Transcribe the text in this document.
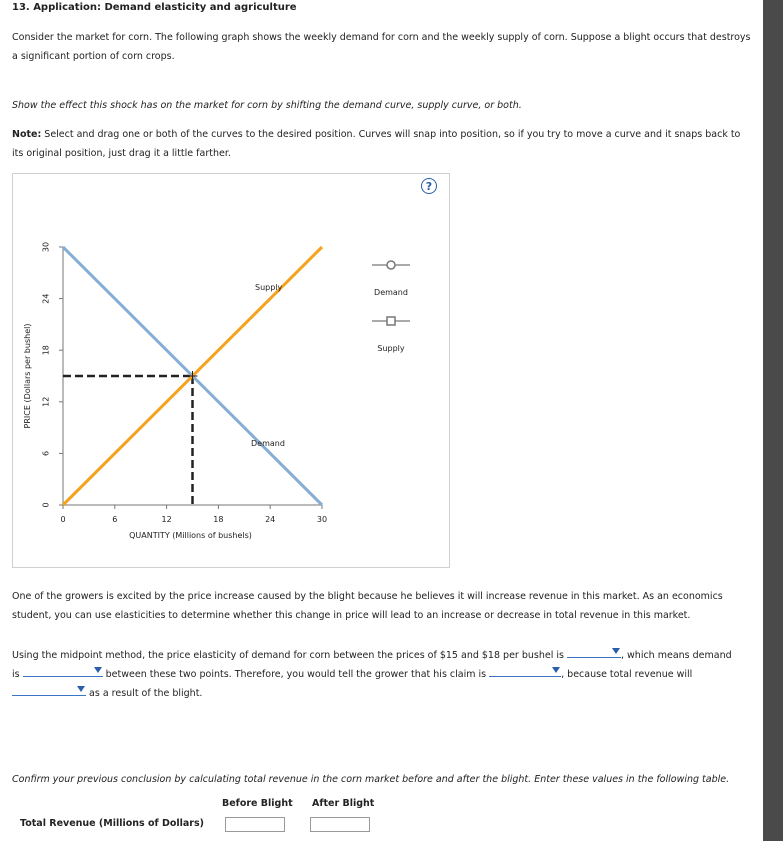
13. Application: Demand elasticity and agriculture
Consider the market for corn. The following graph shows the weekly demand for corn and the weekly supply of corn. Suppose a blight occurs that destroys a significant portion of corn crops.
Show the effect this shock has on the market for corn by shifting the demand curve, supply curve, or both.
Note: Select and drag one or both of the curves to the desired position. Curves will snap into position, so if you try to move a curve and it snaps back to its original position, just drag it a little farther.
?
0	6	12	18	24	30
0
6
12
18
24
30
QUANTITY (Millions of bushels)
PRICE (Dollars per bushel)
Supply
Demand
Demand
Supply
One of the growers is excited by the price increase caused by the blight because he believes it will increase revenue in this market. As an economics student, you can use elasticities to determine whether this change in price will lead to an increase or decrease in total revenue in this market.
Using the midpoint method, the price elasticity of demand for corn between the prices of $15 and $18 per bushel is	, which means demand
is	between these two points. Therefore, you would tell the grower that his claim is	, because total revenue will

as a result of the blight.
Confirm your previous conclusion by calculating total revenue in the corn market before and after the blight. Enter these values in the following table.
Before Blight After Blight
Total Revenue (Millions of Dollars)
